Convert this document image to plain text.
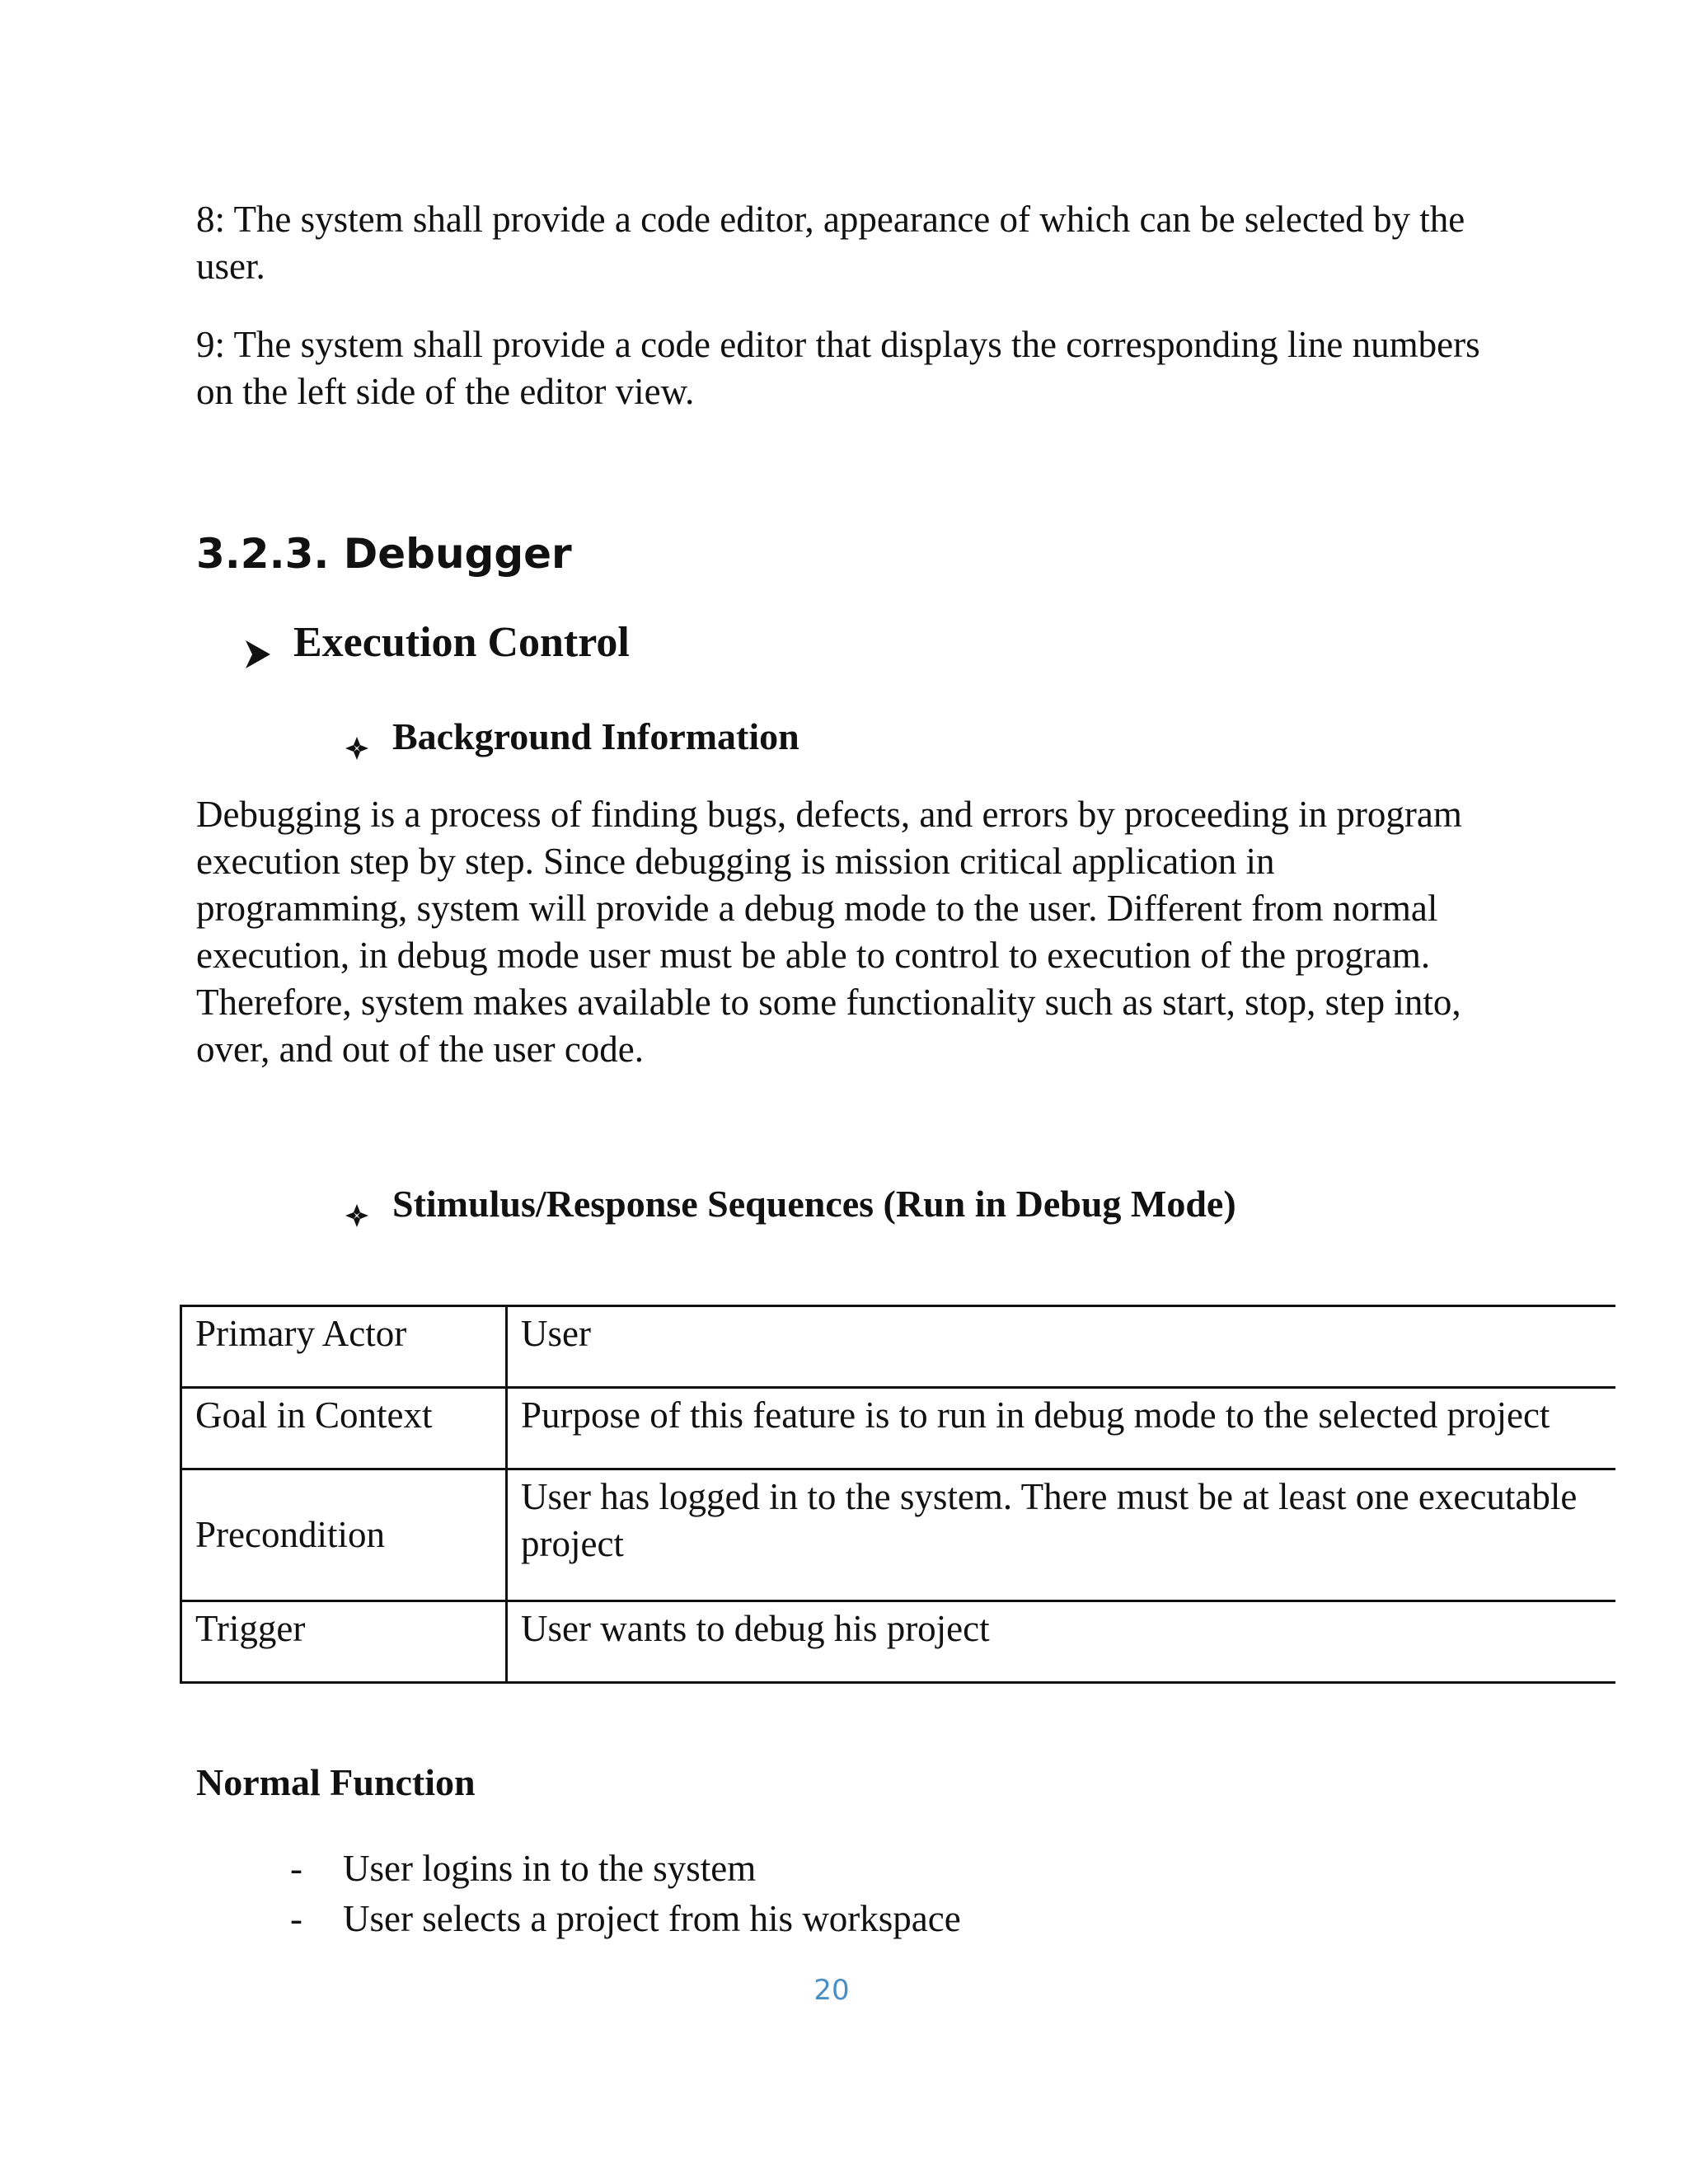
8: The system shall provide a code editor, appearance of which can be selected by the user.

9: The system shall provide a code editor that displays the corresponding line numbers on the left side of the editor view.

3.2.3. Debugger
Execution Control
Background Information

Debugging is a process of finding bugs, defects, and errors by proceeding in program execution step by step. Since debugging is mission critical application in programming, system will provide a debug mode to the user. Different from normal execution, in debug mode user must be able to control to execution of the program. Therefore, system makes available to some functionality such as start, stop, step into, over, and out of the user code.

Stimulus/Response Sequences (Run in Debug Mode)
Primary Actor	User
Goal in Context	Purpose of this feature is to run in debug mode to the selected project
Precondition	User has logged in to the system. There must be at least one executable project
Trigger	User wants to debug his project
Normal Function
-	User logins in to the system
-	User selects a project from his workspace
20
